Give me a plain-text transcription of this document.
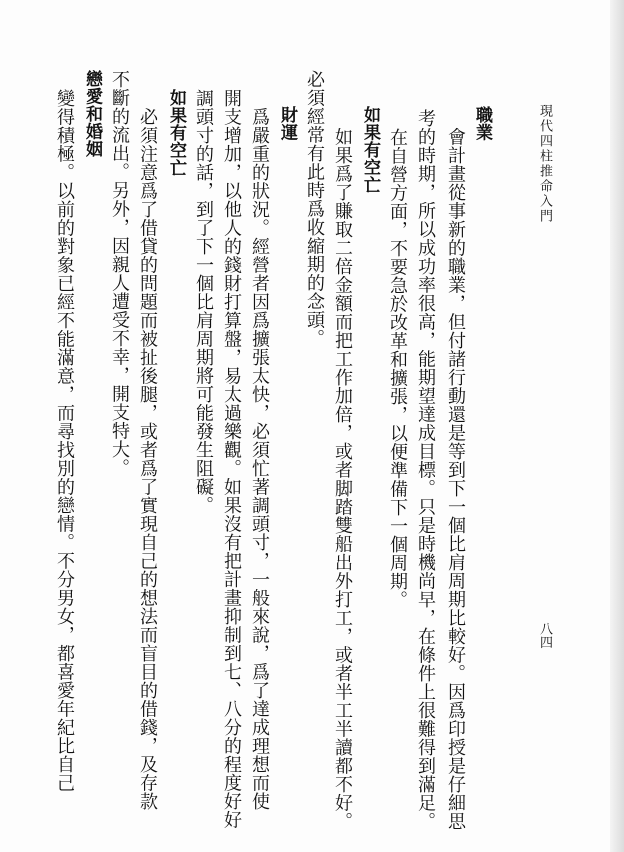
現代四柱推命入門
八四
職業
　會計畫從事新的職業，但付諸行動還是等到下一個比肩周期比較好。因爲印授是仔細思
考的時期，所以成功率很高，能期望達成目標。只是時機尚早，在條件上很難得到滿足。
在自營方面，不要急於改革和擴張，以便準備下一個周期。
如果有空亡
　如果爲了賺取二倍金額而把工作加倍，或者脚踏雙船出外打工，或者半工半讀都不好。
必須經常有此時爲收縮期的念頭。
財運
　爲嚴重的狀況。經營者因爲擴張太快，必須忙著調頭寸，一般來說，爲了達成理想而使
開支增加，以他人的錢財打算盤，易太過樂觀。如果沒有把計畫抑制到七、八分的程度好好
調頭寸的話，到了下一個比肩周期將可能發生阻礙。
如果有空亡
　必須注意爲了借貸的問題而被扯後腿，或者爲了實現自己的想法而盲目的借錢，及存款
不斷的流出。另外，因親人遭受不幸，開支特大。
戀愛和婚姻
變得積極。以前的對象已經不能滿意，而尋找別的戀情。不分男女，都喜愛年紀比自己
